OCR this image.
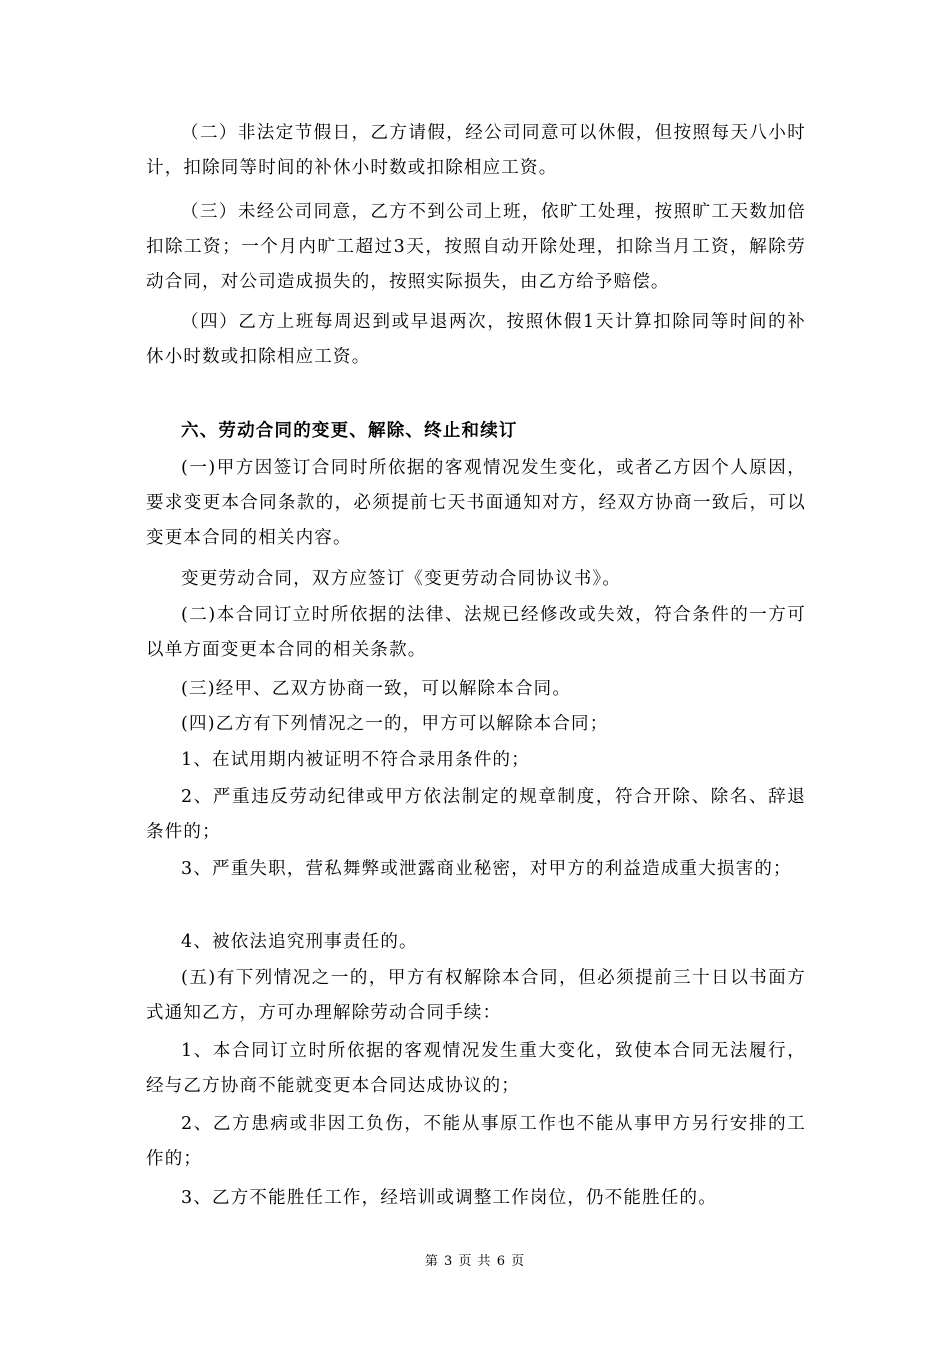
（二）非法定节假日，乙方请假，经公司同意可以休假，但按照每天八小时计，扣除同等时间的补休小时数或扣除相应工资。
（三）未经公司同意，乙方不到公司上班，依旷工处理，按照旷工天数加倍扣除工资；一个月内旷工超过3天，按照自动开除处理，扣除当月工资，解除劳动合同，对公司造成损失的，按照实际损失，由乙方给予赔偿。
（四）乙方上班每周迟到或早退两次，按照休假1天计算扣除同等时间的补休小时数或扣除相应工资。
六、劳动合同的变更、解除、终止和续订
(一)甲方因签订合同时所依据的客观情况发生变化，或者乙方因个人原因，要求变更本合同条款的，必须提前七天书面通知对方，经双方协商一致后，可以变更本合同的相关内容。
变更劳动合同，双方应签订《变更劳动合同协议书》。
(二)本合同订立时所依据的法律、法规已经修改或失效，符合条件的一方可以单方面变更本合同的相关条款。
(三)经甲、乙双方协商一致，可以解除本合同。
(四)乙方有下列情况之一的，甲方可以解除本合同；
1、在试用期内被证明不符合录用条件的；
2、严重违反劳动纪律或甲方依法制定的规章制度，符合开除、除名、辞退条件的；
3、严重失职，营私舞弊或泄露商业秘密，对甲方的利益造成重大损害的；
4、被依法追究刑事责任的。
(五)有下列情况之一的，甲方有权解除本合同，但必须提前三十日以书面方式通知乙方，方可办理解除劳动合同手续：
1、本合同订立时所依据的客观情况发生重大变化，致使本合同无法履行，经与乙方协商不能就变更本合同达成协议的；
2、乙方患病或非因工负伤，不能从事原工作也不能从事甲方另行安排的工作的；
3、乙方不能胜任工作，经培训或调整工作岗位，仍不能胜任的。
第 3 页 共 6 页
